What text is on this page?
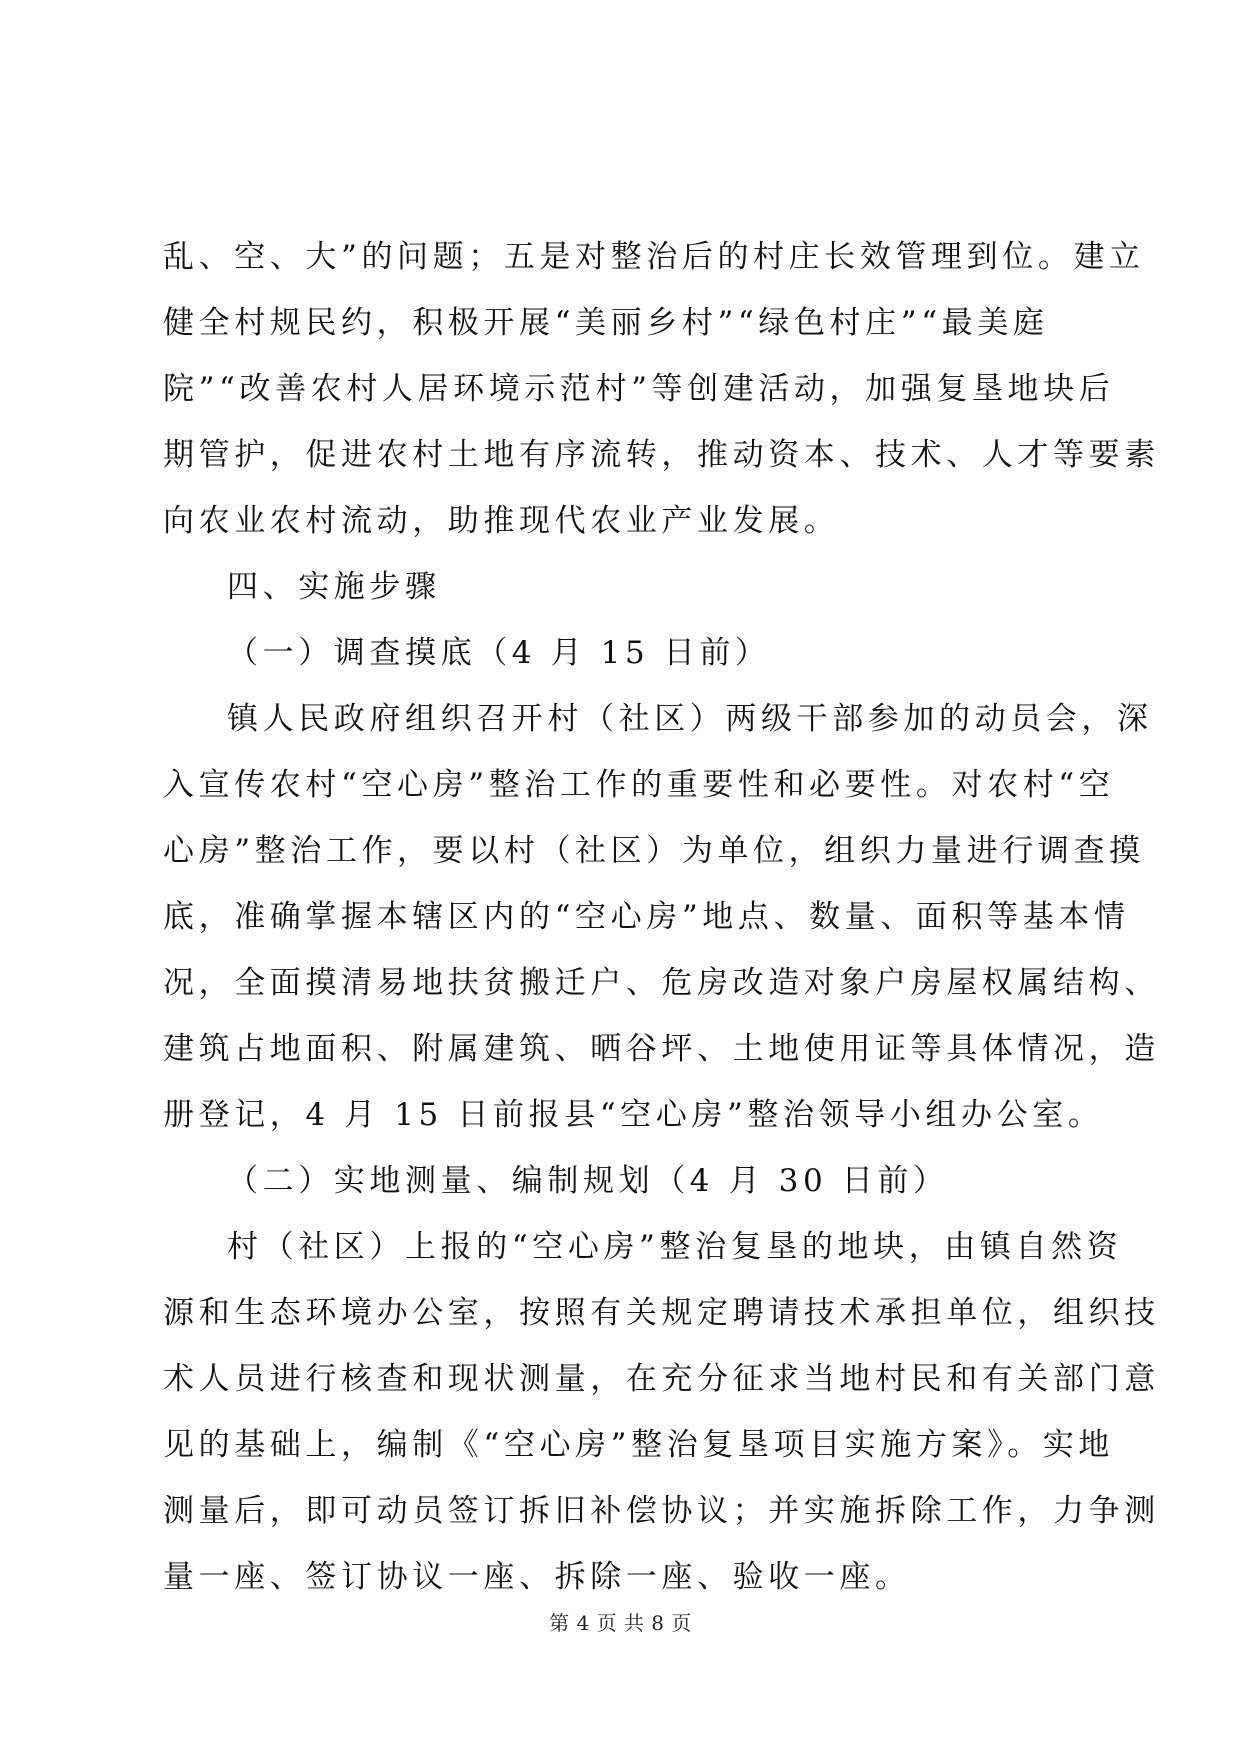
乱、空、大”的问题；五是对整治后的村庄长效管理到位。建立
健全村规民约，积极开展“美丽乡村”“绿色村庄”“最美庭
院”“改善农村人居环境示范村”等创建活动，加强复垦地块后
期管护，促进农村土地有序流转，推动资本、技术、人才等要素
向农业农村流动，助推现代农业产业发展。
四、实施步骤
（一）调查摸底（4 月 15 日前）
镇人民政府组织召开村（社区）两级干部参加的动员会，深
入宣传农村“空心房”整治工作的重要性和必要性。对农村“空
心房”整治工作，要以村（社区）为单位，组织力量进行调查摸
底，准确掌握本辖区内的“空心房”地点、数量、面积等基本情
况，全面摸清易地扶贫搬迁户、危房改造对象户房屋权属结构、
建筑占地面积、附属建筑、晒谷坪、土地使用证等具体情况，造
册登记，4 月 15 日前报县“空心房”整治领导小组办公室。
（二）实地测量、编制规划（4 月 30 日前）
村（社区）上报的“空心房”整治复垦的地块，由镇自然资
源和生态环境办公室，按照有关规定聘请技术承担单位，组织技
术人员进行核查和现状测量，在充分征求当地村民和有关部门意
见的基础上，编制《“空心房”整治复垦项目实施方案》。实地
测量后，即可动员签订拆旧补偿协议；并实施拆除工作，力争测
量一座、签订协议一座、拆除一座、验收一座。
第 4 页 共 8 页
